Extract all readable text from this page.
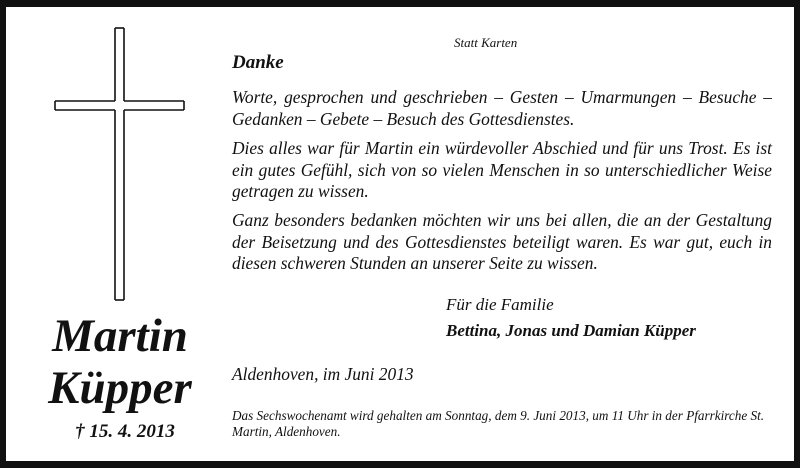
Martin
Küpper
† 15. 4. 2013
Statt Karten
Danke
Worte, gesprochen und geschrieben – Gesten – Umarmungen – Besuche – Gedanken – Gebete – Besuch des Gottesdienstes.
Dies alles war für Martin ein würdevoller Abschied und für uns Trost. Es ist ein gutes Gefühl, sich von so vielen Menschen in so unterschiedlicher Weise getragen zu wissen.
Ganz besonders bedanken möchten wir uns bei allen, die an der Gestaltung der Beisetzung und des Gottesdienstes beteiligt waren. Es war gut, euch in diesen schweren Stunden an unserer Seite zu wissen.
Für die Familie
Bettina, Jonas und Damian Küpper
Aldenhoven, im Juni 2013
Das Sechswochenamt wird gehalten am Sonntag, dem 9. Juni 2013, um 11 Uhr in der Pfarrkirche St. Martin, Aldenhoven.
